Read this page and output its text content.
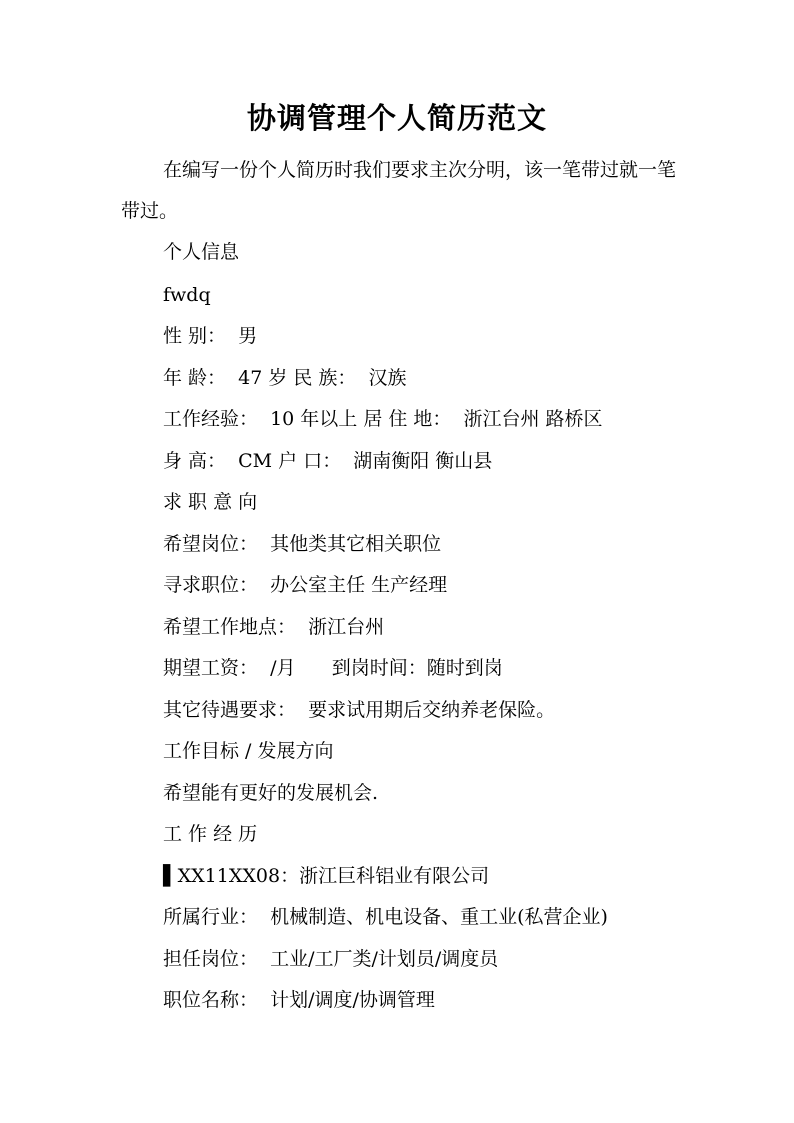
协调管理个人简历范文
在编写一份个人简历时我们要求主次分明，该一笔带过就一笔带过。
个人信息
fwdq
性 别：  男
年 龄：  47 岁 民 族：  汉族
工作经验：  10 年以上 居 住 地：  浙江台州 路桥区
身 高：  CM 户 口：  湖南衡阳 衡山县
求 职 意 向
希望岗位：  其他类其它相关职位
寻求职位：  办公室主任 生产经理
希望工作地点：  浙江台州
期望工资：  /月      到岗时间：随时到岗
其它待遇要求：  要求试用期后交纳养老保险。
工作目标 / 发展方向
希望能有更好的发展机会.
工 作 经 历
▌XX11XX08：浙江巨科铝业有限公司
所属行业：  机械制造、机电设备、重工业(私营企业)
担任岗位：  工业/工厂类/计划员/调度员
职位名称：  计划/调度/协调管理
